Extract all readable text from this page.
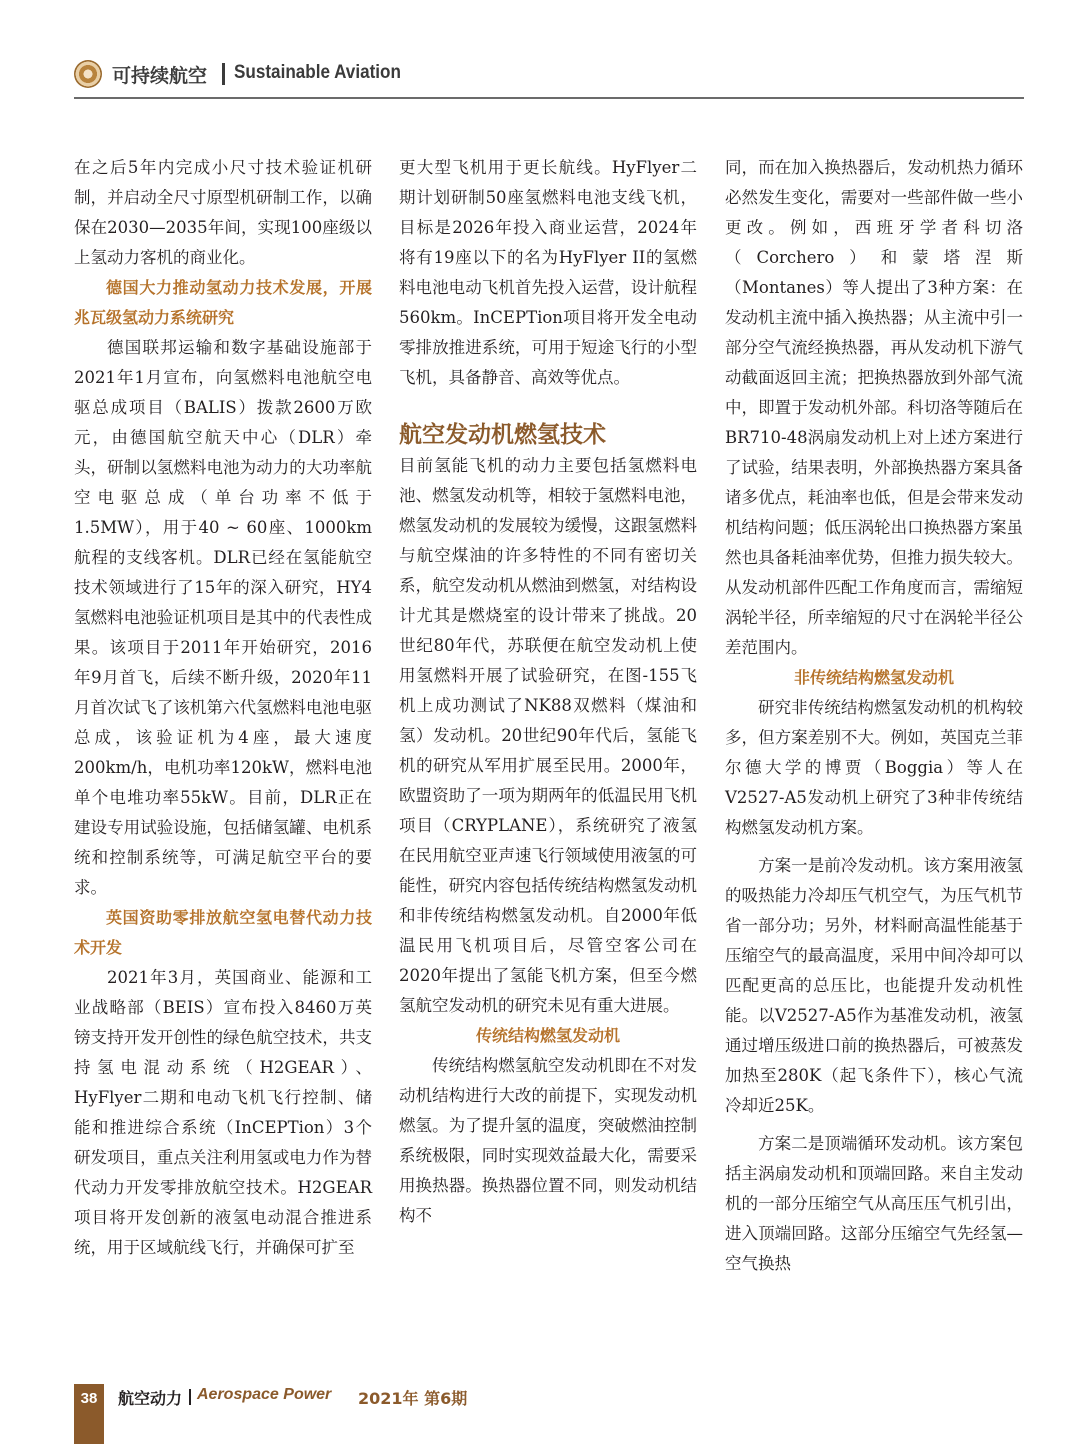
可持续航空 Sustainable Aviation

在之后5年内完成小尺寸技术验证机研制，并启动全尺寸原型机研制工作，以确保在2030—2035年间，实现100座级以上氢动力客机的商业化。

德国大力推动氢动力技术发展，开展兆瓦级氢动力系统研究

德国联邦运输和数字基础设施部于2021年1月宣布，向氢燃料电池航空电驱总成项目（BALIS）拨款2600万欧元，由德国航空航天中心（DLR）牵头，研制以氢燃料电池为动力的大功率航空电驱总成（单台功率不低于1.5MW），用于40 ~ 60座、1000km航程的支线客机。DLR已经在氢能航空技术领域进行了15年的深入研究，HY4氢燃料电池验证机项目是其中的代表性成果。该项目于2011年开始研究，2016年9月首飞，后续不断升级，2020年11月首次试飞了该机第六代氢燃料电池电驱总成，该验证机为4座，最大速度200km/h，电机功率120kW，燃料电池单个电堆功率55kW。目前，DLR正在建设专用试验设施，包括储氢罐、电机系统和控制系统等，可满足航空平台的要求。

英国资助零排放航空氢电替代动力技术开发

2021年3月，英国商业、能源和工业战略部（BEIS）宣布投入8460万英镑支持开发开创性的绿色航空技术，共支持氢电混动系统（H2GEAR）、HyFlyer二期和电动飞机飞行控制、储能和推进综合系统（InCEPTion）3个研发项目，重点关注利用氢或电力作为替代动力开发零排放航空技术。H2GEAR项目将开发创新的液氢电动混合推进系统，用于区域航线飞行，并确保可扩至

更大型飞机用于更长航线。HyFlyer二期计划研制50座氢燃料电池支线飞机，目标是2026年投入商业运营，2024年将有19座以下的名为HyFlyer II的氢燃料电池电动飞机首先投入运营，设计航程560km。InCEPTion项目将开发全电动零排放推进系统，可用于短途飞行的小型飞机，具备静音、高效等优点。

航空发动机燃氢技术

目前氢能飞机的动力主要包括氢燃料电池、燃氢发动机等，相较于氢燃料电池，燃氢发动机的发展较为缓慢，这跟氢燃料与航空煤油的许多特性的不同有密切关系，航空发动机从燃油到燃氢，对结构设计尤其是燃烧室的设计带来了挑战。20世纪80年代，苏联便在航空发动机上使用氢燃料开展了试验研究，在图-155飞机上成功测试了NK88双燃料（煤油和氢）发动机。20世纪90年代后，氢能飞机的研究从军用扩展至民用。2000年，欧盟资助了一项为期两年的低温民用飞机项目（CRYPLANE），系统研究了液氢在民用航空亚声速飞行领域使用液氢的可能性，研究内容包括传统结构燃氢发动机和非传统结构燃氢发动机。自2000年低温民用飞机项目后，尽管空客公司在2020年提出了氢能飞机方案，但至今燃氢航空发动机的研究未见有重大进展。

传统结构燃氢发动机

传统结构燃氢航空发动机即在不对发动机结构进行大改的前提下，实现发动机燃氢。为了提升氢的温度，突破燃油控制系统极限，同时实现效益最大化，需要采用换热器。换热器位置不同，则发动机结构不

同，而在加入换热器后，发动机热力循环必然发生变化，需要对一些部件做一些小更改。例如，西班牙学者科切洛（Corchero）和蒙塔涅斯（Montanes）等人提出了3种方案：在发动机主流中插入换热器；从主流中引一部分空气流经换热器，再从发动机下游气动截面返回主流；把换热器放到外部气流中，即置于发动机外部。科切洛等随后在BR710-48涡扇发动机上对上述方案进行了试验，结果表明，外部换热器方案具备诸多优点，耗油率也低，但是会带来发动机结构问题；低压涡轮出口换热器方案虽然也具备耗油率优势，但推力损失较大。从发动机部件匹配工作角度而言，需缩短涡轮半径，所幸缩短的尺寸在涡轮半径公差范围内。

非传统结构燃氢发动机

研究非传统结构燃氢发动机的机构较多，但方案差别不大。例如，英国克兰菲尔德大学的博贾（Boggia）等人在V2527-A5发动机上研究了3种非传统结构燃氢发动机方案。

方案一是前冷发动机。该方案用液氢的吸热能力冷却压气机空气，为压气机节省一部分功；另外，材料耐高温性能基于压缩空气的最高温度，采用中间冷却可以匹配更高的总压比，也能提升发动机性能。以V2527-A5作为基准发动机，液氢通过增压级进口前的换热器后，可被蒸发加热至280K（起飞条件下），核心气流冷却近25K。

方案二是顶端循环发动机。该方案包括主涡扇发动机和顶端回路。来自主发动机的一部分压缩空气从高压压气机引出，进入顶端回路。这部分压缩空气先经氢—空气换热

38	航空动力 Aerospace Power 2021年 第6期
